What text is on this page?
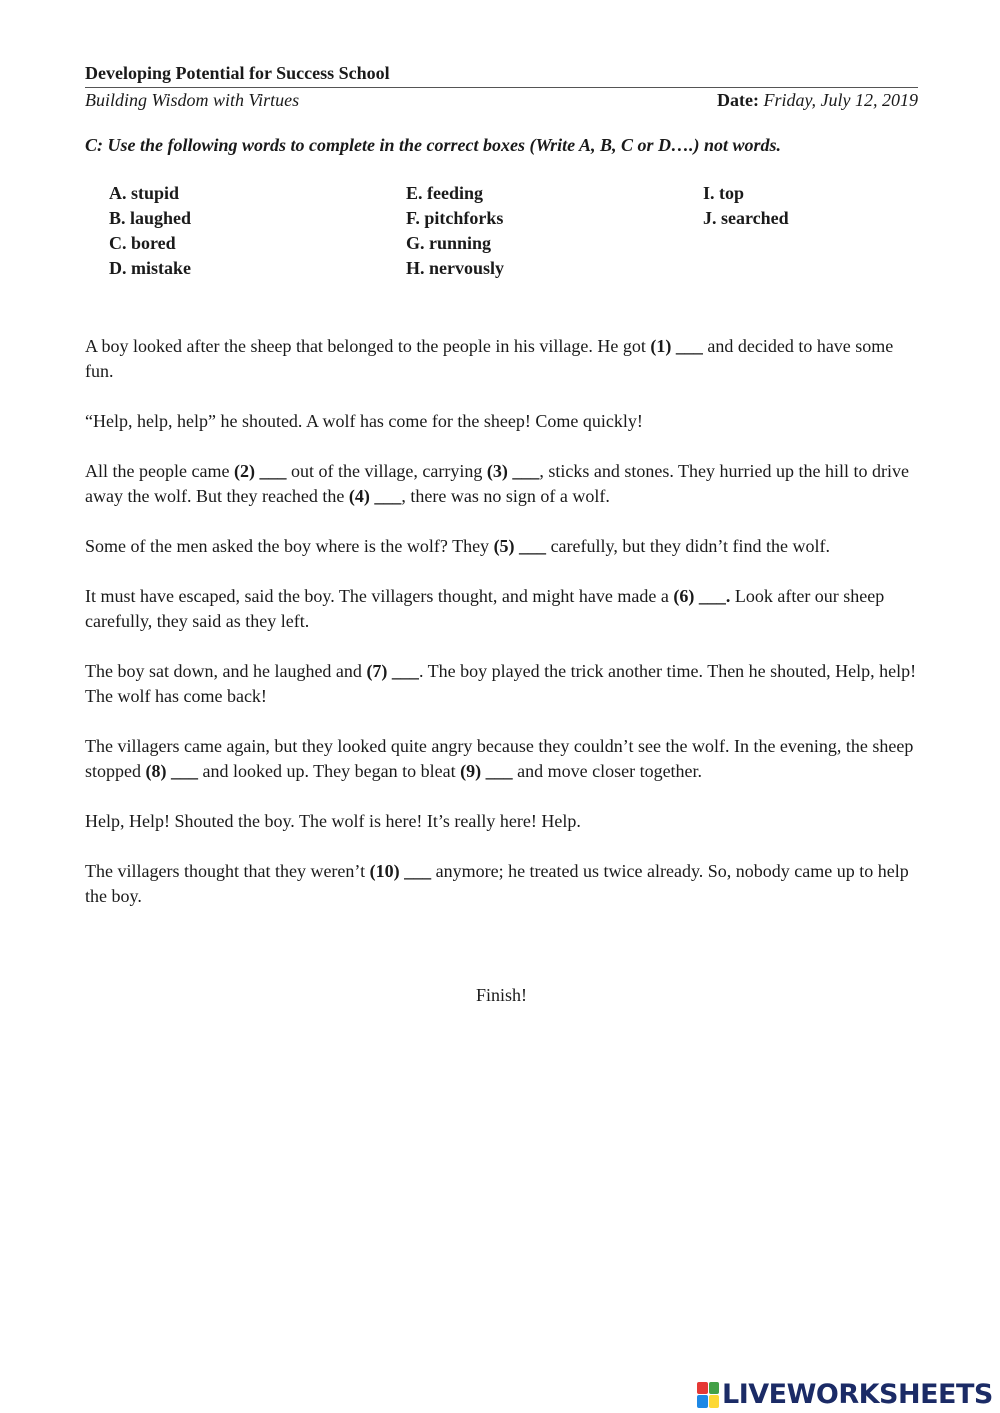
Developing Potential for Success School
Building Wisdom with Virtues	Date: Friday, July 12, 2019
C: Use the following words to complete in the correct boxes (Write A, B, C or D….) not words.
A. stupid
B. laughed
C. bored
D. mistake
E. feeding
F. pitchforks
G. running
H. nervously
I. top
J. searched

A boy looked after the sheep that belonged to the people in his village. He got (1) ___ and decided to have some fun.

“Help, help, help” he shouted. A wolf has come for the sheep! Come quickly!

All the people came (2) ___ out of the village, carrying (3) ___, sticks and stones. They hurried up the hill to drive away the wolf. But they reached the (4) ___, there was no sign of a wolf.

Some of the men asked the boy where is the wolf? They (5) ___ carefully, but they didn’t find the wolf.

It must have escaped, said the boy. The villagers thought, and might have made a (6) ___. Look after our sheep carefully, they said as they left.

The boy sat down, and he laughed and (7) ___. The boy played the trick another time. Then he shouted, Help, help! The wolf has come back!

The villagers came again, but they looked quite angry because they couldn’t see the wolf. In the evening, the sheep stopped (8) ___ and looked up. They began to bleat (9) ___ and move closer together.

Help, Help! Shouted the boy. The wolf is here! It’s really here! Help.

The villagers thought that they weren’t (10) ___ anymore; he treated us twice already. So, nobody came up to help the boy.

Finish!
LIVEWORKSHEETS
